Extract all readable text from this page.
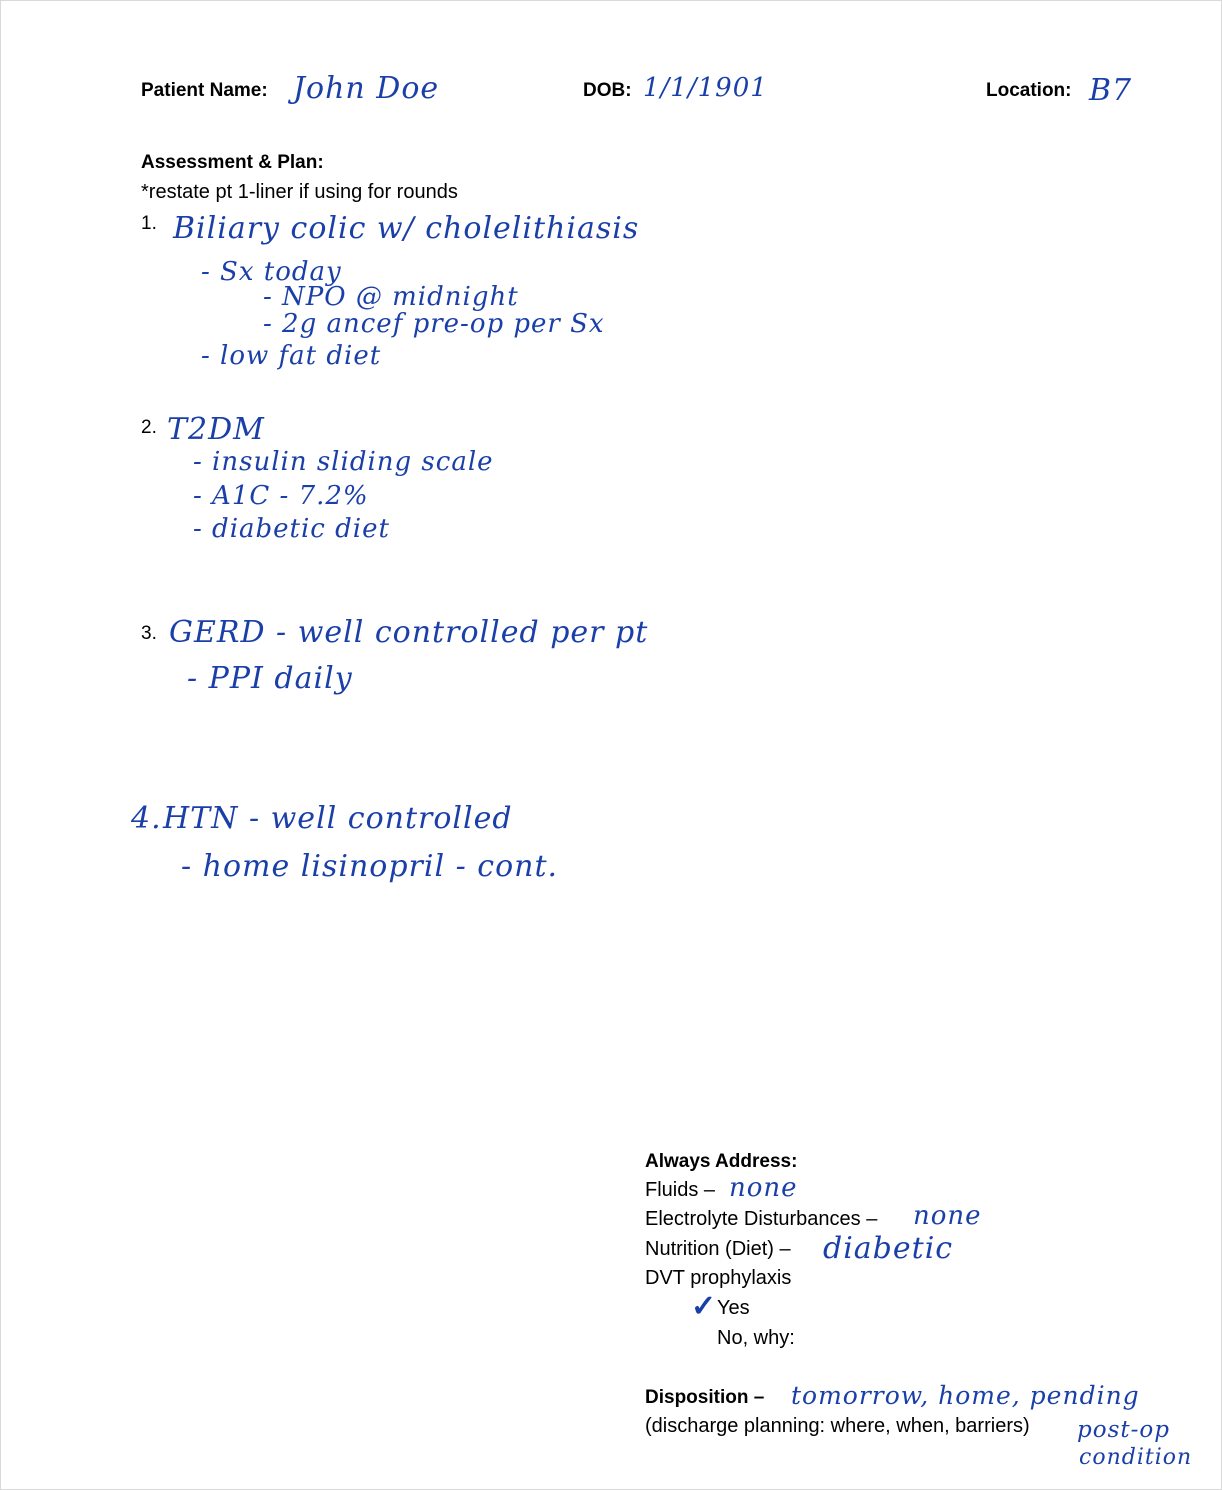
Patient Name: John Doe	DOB: 1/1/1901	Location: B7
Assessment & Plan:
*restate pt 1-liner if using for rounds
1. Biliary colic w/ cholelithiasis
- Sx today
- NPO @ midnight
- 2g ancef pre-op per Sx
- low fat diet
2. T2DM
- insulin sliding scale
- A1C - 7.2%
- diabetic diet
3. GERD - well controlled per pt
- PPI daily
4. HTN - well controlled
- home lisinopril - cont.
Always Address:
Fluids – none
Electrolyte Disturbances – none
Nutrition (Diet) – diabetic
DVT prophylaxis
✓ Yes
No, why:
Disposition –
(discharge planning: where, when, barriers)
tomorrow, home, pending
post-op
condition
